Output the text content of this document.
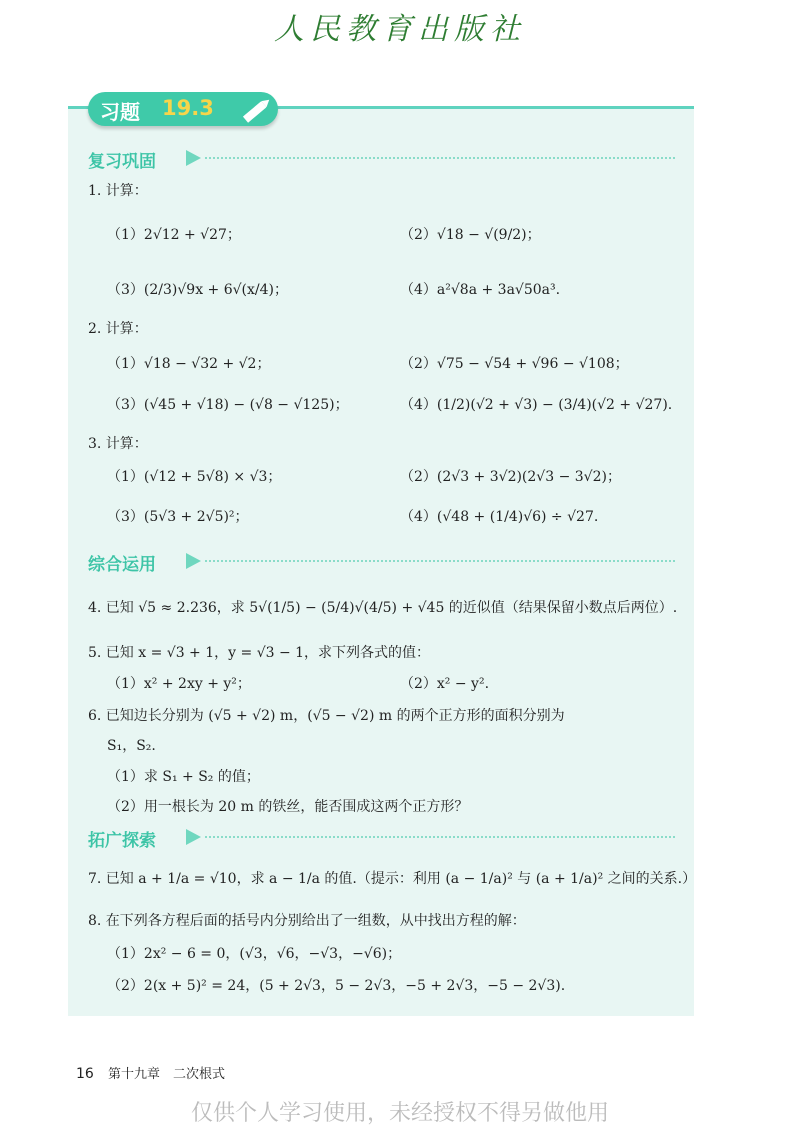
人民教育出版社
习题 19.3
复习巩固
1. 计算：
（1）2√12 + √27；	（2）√18 − √(9/2)；
（3）(2/3)√9x + 6√(x/4)；	（4）a²√8a + 3a√50a³.
2. 计算：
（1）√18 − √32 + √2；	（2）√75 − √54 + √96 − √108；
（3）(√45 + √18) − (√8 − √125)；	（4）(1/2)(√2 + √3) − (3/4)(√2 + √27).
3. 计算：
（1）(√12 + 5√8) × √3；	（2）(2√3 + 3√2)(2√3 − 3√2)；
（3）(5√3 + 2√5)²；	（4）(√48 + (1/4)√6) ÷ √27.
综合运用
4. 已知 √5 ≈ 2.236，求 5√(1/5) − (5/4)√(4/5) + √45 的近似值（结果保留小数点后两位）.
5. 已知 x = √3 + 1，y = √3 − 1，求下列各式的值：
（1）x² + 2xy + y²；	（2）x² − y².
6. 已知边长分别为 (√5 + √2) m，(√5 − √2) m 的两个正方形的面积分别为
S₁，S₂.
（1）求 S₁ + S₂ 的值；
（2）用一根长为 20 m 的铁丝，能否围成这两个正方形？
拓广探索
7. 已知 a + 1/a = √10，求 a − 1/a 的值.（提示：利用 (a − 1/a)² 与 (a + 1/a)² 之间的关系.）
8. 在下列各方程后面的括号内分别给出了一组数，从中找出方程的解：
（1）2x² − 6 = 0，(√3，√6，−√3，−√6)；
（2）2(x + 5)² = 24，(5 + 2√3，5 − 2√3，−5 + 2√3，−5 − 2√3).
16 第十九章　二次根式
仅供个人学习使用，未经授权不得另做他用
